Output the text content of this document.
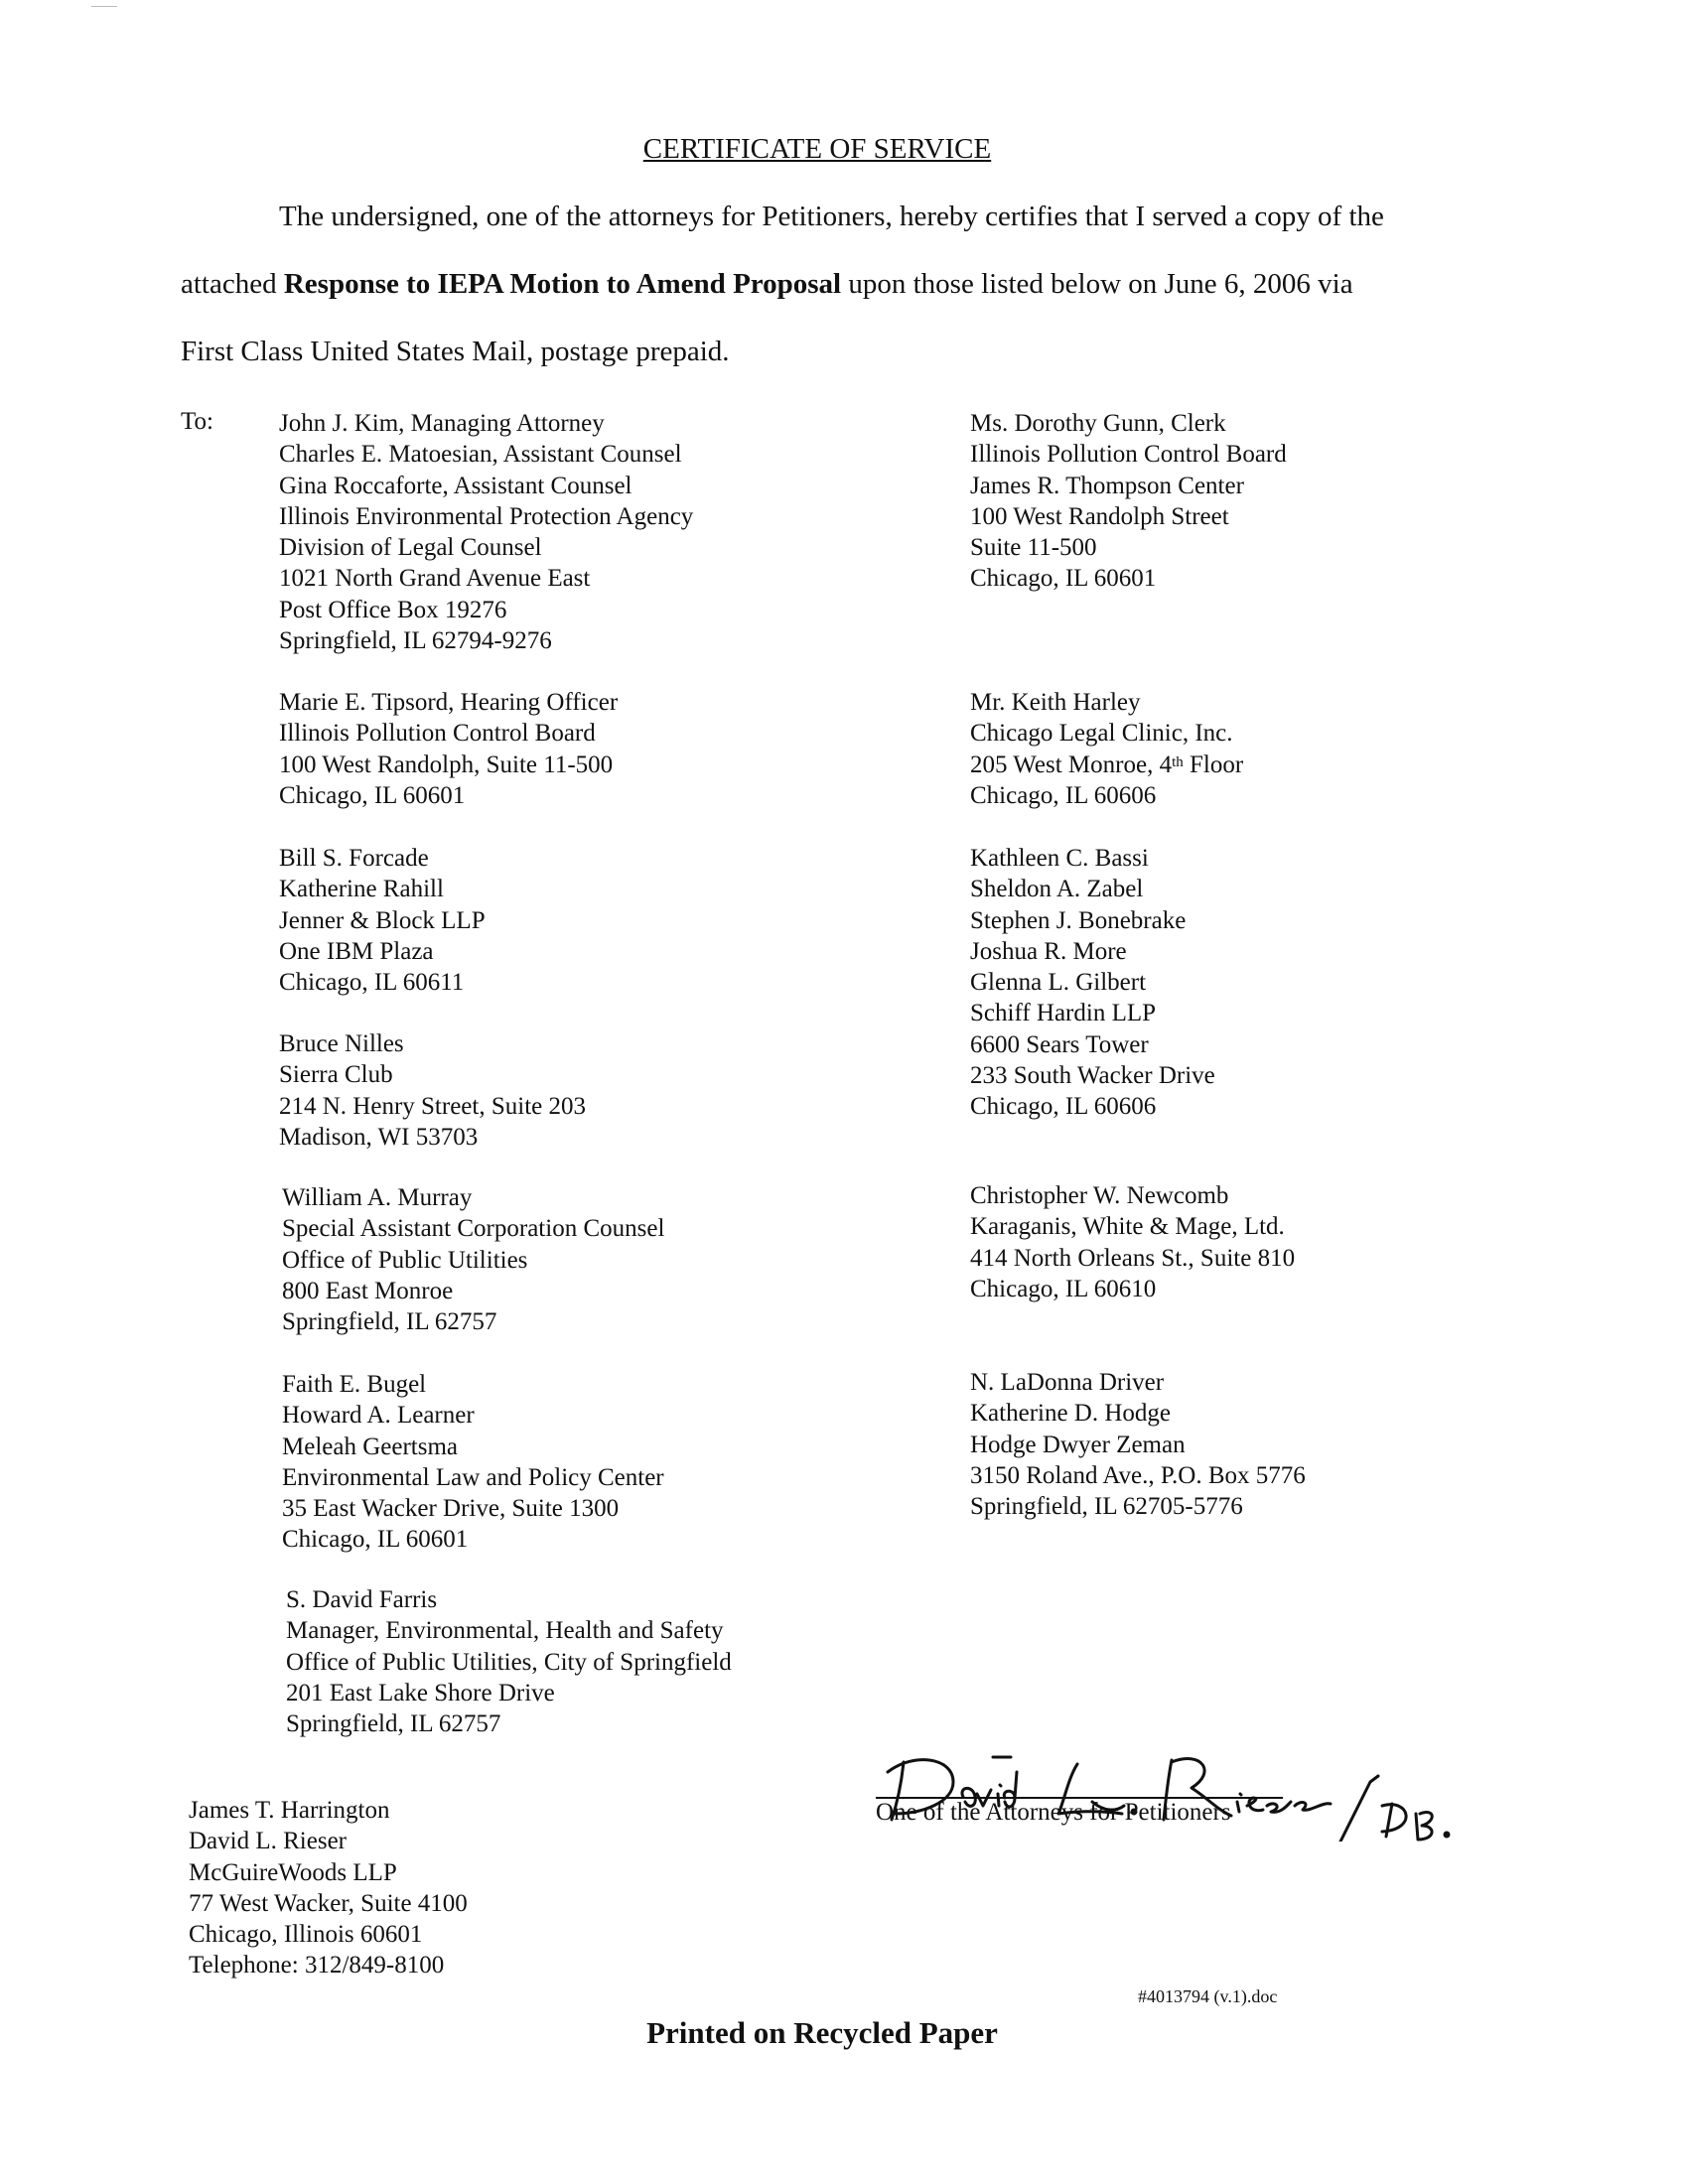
CERTIFICATE OF SERVICE
The undersigned, one of the attorneys for Petitioners, hereby certifies that I served a copy of the
attached Response to IEPA Motion to Amend Proposal upon those listed below on June 6, 2006 via
First Class United States Mail, postage prepaid.
To:	John J. Kim, Managing Attorney
Charles E. Matoesian, Assistant Counsel
Gina Roccaforte, Assistant Counsel
Illinois Environmental Protection Agency
Division of Legal Counsel
1021 North Grand Avenue East
Post Office Box 19276
Springfield, IL 62794-9276
Marie E. Tipsord, Hearing Officer
Illinois Pollution Control Board
100 West Randolph, Suite 11-500
Chicago, IL 60601
Bill S. Forcade
Katherine Rahill
Jenner & Block LLP
One IBM Plaza
Chicago, IL 60611
Bruce Nilles
Sierra Club
214 N. Henry Street, Suite 203
Madison, WI 53703
William A. Murray
Special Assistant Corporation Counsel
Office of Public Utilities
800 East Monroe
Springfield, IL 62757
Faith E. Bugel
Howard A. Learner
Meleah Geertsma
Environmental Law and Policy Center
35 East Wacker Drive, Suite 1300
Chicago, IL 60601
S. David Farris
Manager, Environmental, Health and Safety
Office of Public Utilities, City of Springfield
201 East Lake Shore Drive
Springfield, IL 62757
Ms. Dorothy Gunn, Clerk
Illinois Pollution Control Board
James R. Thompson Center
100 West Randolph Street
Suite 11-500
Chicago, IL 60601
Mr. Keith Harley
Chicago Legal Clinic, Inc.
205 West Monroe, 4th Floor
Chicago, IL 60606
Kathleen C. Bassi
Sheldon A. Zabel
Stephen J. Bonebrake
Joshua R. More
Glenna L. Gilbert
Schiff Hardin LLP
6600 Sears Tower
233 South Wacker Drive
Chicago, IL 60606
Christopher W. Newcomb
Karaganis, White & Mage, Ltd.
414 North Orleans St., Suite 810
Chicago, IL 60610
N. LaDonna Driver
Katherine D. Hodge
Hodge Dwyer Zeman
3150 Roland Ave., P.O. Box 5776
Springfield, IL 62705-5776
One of the Attorneys for Petitioners
James T. Harrington
David L. Rieser
McGuireWoods LLP
77 West Wacker, Suite 4100
Chicago, Illinois 60601
Telephone: 312/849-8100
#4013794 (v.1).doc
Printed on Recycled Paper
